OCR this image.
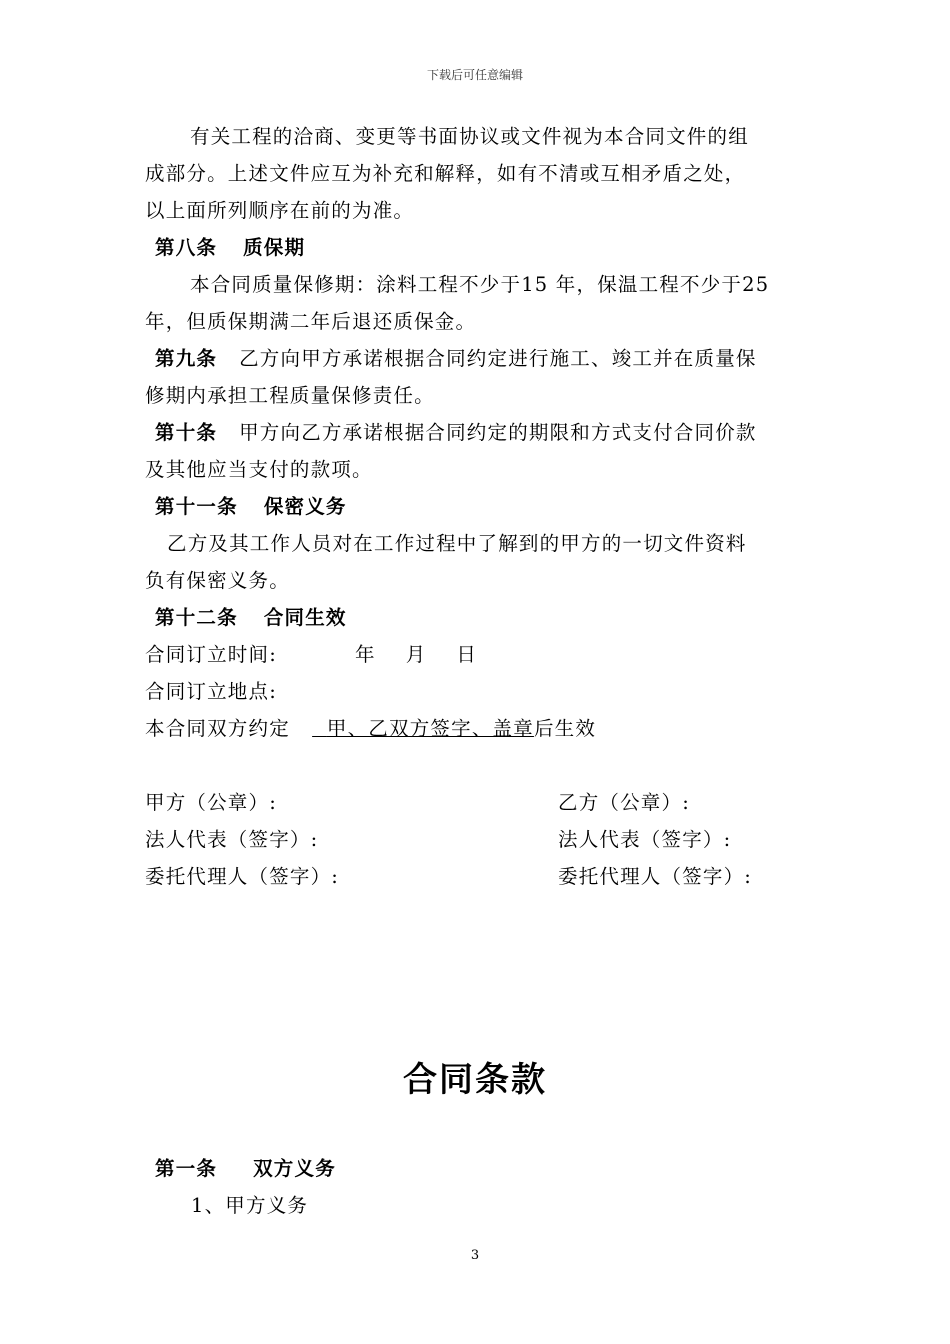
下载后可任意编辑

有关工程的洽商、变更等书面协议或文件视为本合同文件的组

成部分。上述文件应互为补充和解释，如有不清或互相矛盾之处，

以上面所列顺序在前的为准。

第八条 质保期

本合同质量保修期：涂料工程不少于15 年，保温工程不少于25

年，但质保期满二年后退还质保金。

第九条 乙方向甲方承诺根据合同约定进行施工、竣工并在质量保

修期内承担工程质量保修责任。

第十条 甲方向乙方承诺根据合同约定的期限和方式支付合同价款

及其他应当支付的款项。

第十一条 保密义务

乙方及其工作人员对在工作过程中了解到的甲方的一切文件资料

负有保密义务。

第十二条 合同生效

合同订立时间:	年 月 日

合同订立地点:

本合同双方约定 甲、乙双方签字、盖章后生效

甲方（公章）:	乙方（公章）:
法人代表（签字）:	法人代表（签字）:
委托代理人（签字）:	委托代理人（签字）:
合同条款
第一条 双方义务
1、甲方义务
3
